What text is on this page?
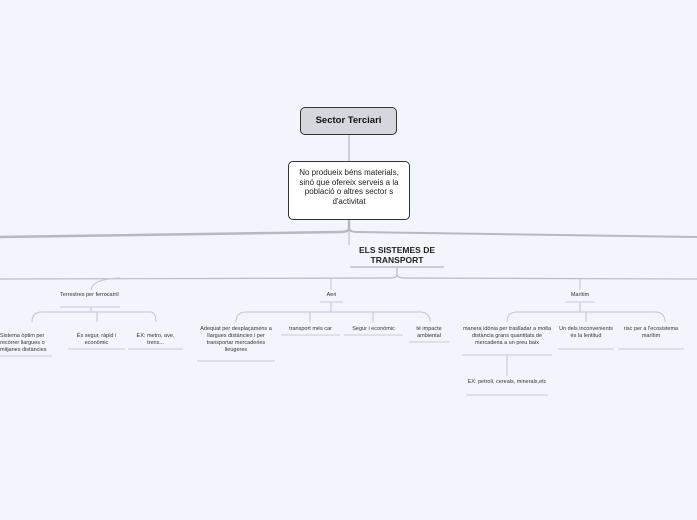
Sector Terciari
No produeix béns materials, sinó que ofereix serveis a la població o altres sector s d'activitat
ELS SISTEMES DE TRANSPORT
Terrestres per ferrocarril
Sistema òptim per recórrer llargues o mitjanes distàncies
És segur, ràpid i econòmic
EX: metro, ave, trens...
Aeri
Adequat per desplaçamens a llargues distàncies i per transportar mercaderies lleugeres
transport més car	Segur i econòmic	té impacte ambiental
Marítim
manera idònia per traslladar a molta distància grans quantitats de mercaderia a un preu baix
Un dels inconvenients és la lentitud
risc per a l'ecosistema marítim
EX: petroli, cereals, minerals,etc
